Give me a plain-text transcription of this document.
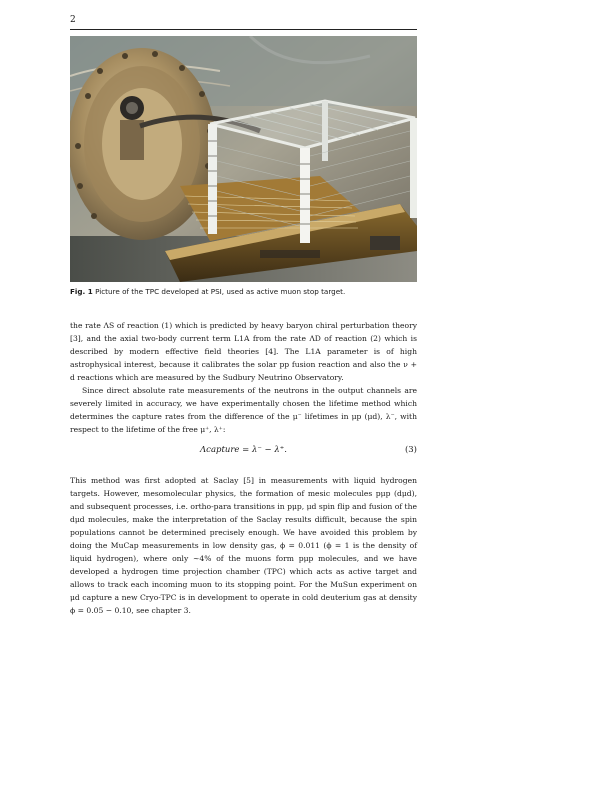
2
Fig. 1 Picture of the TPC developed at PSI, used as active muon stop target.

the rate ΛS of reaction (1) which is predicted by heavy baryon chiral perturbation theory [3], and the axial two-body current term L1A from the rate ΛD of reaction (2) which is described by modern effective field theories [4]. The L1A parameter is of high astrophysical interest, because it calibrates the solar pp fusion reaction and also the ν + d reactions which are measured by the Sudbury Neutrino Observatory.

Since direct absolute rate measurements of the neutrons in the output channels are severely limited in accuracy, we have experimentally chosen the lifetime method which determines the capture rates from the difference of the μ⁻ lifetimes in μp (μd), λ⁻, with respect to the lifetime of the free μ⁺, λ⁺:

Λcapture = λ⁻ − λ⁺.	(3)

This method was first adopted at Saclay [5] in measurements with liquid hydrogen targets. However, mesomolecular physics, the formation of mesic molecules pμp (dμd), and subsequent processes, i.e. ortho-para transitions in pμp, μd spin flip and fusion of the dμd molecules, make the interpretation of the Saclay results difficult, because the spin populations cannot be determined precisely enough. We have avoided this problem by doing the MuCap measurements in low density gas, ϕ = 0.011 (ϕ = 1 is the density of liquid hydrogen), where only ∼4% of the muons form pμp molecules, and we have developed a hydrogen time projection chamber (TPC) which acts as active target and allows to track each incoming muon to its stopping point. For the MuSun experiment on μd capture a new Cryo-TPC is in development to operate in cold deuterium gas at density ϕ = 0.05 − 0.10, see chapter 3.
